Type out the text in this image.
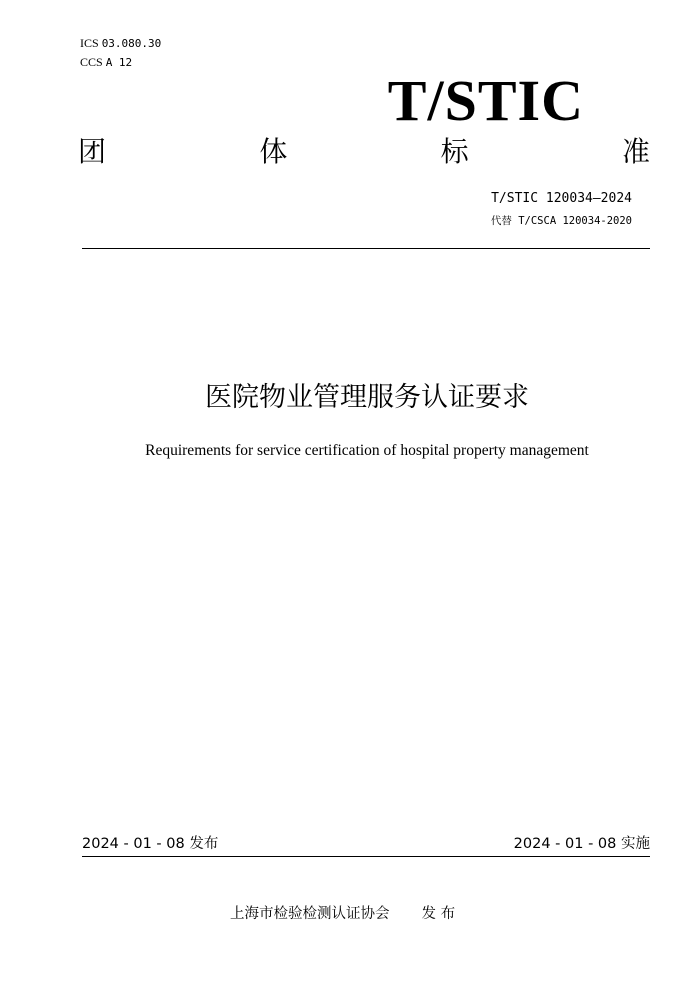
ICS 03.080.30
CCS A 12
T/STIC
团	体	标	准
T/STIC 120034—2024
代替 T/CSCA 120034-2020
医院物业管理服务认证要求
Requirements for service certification of hospital property management
2024 - 01 - 08 发布	2024 - 01 - 08 实施
上海市检验检测认证协会 发 布
